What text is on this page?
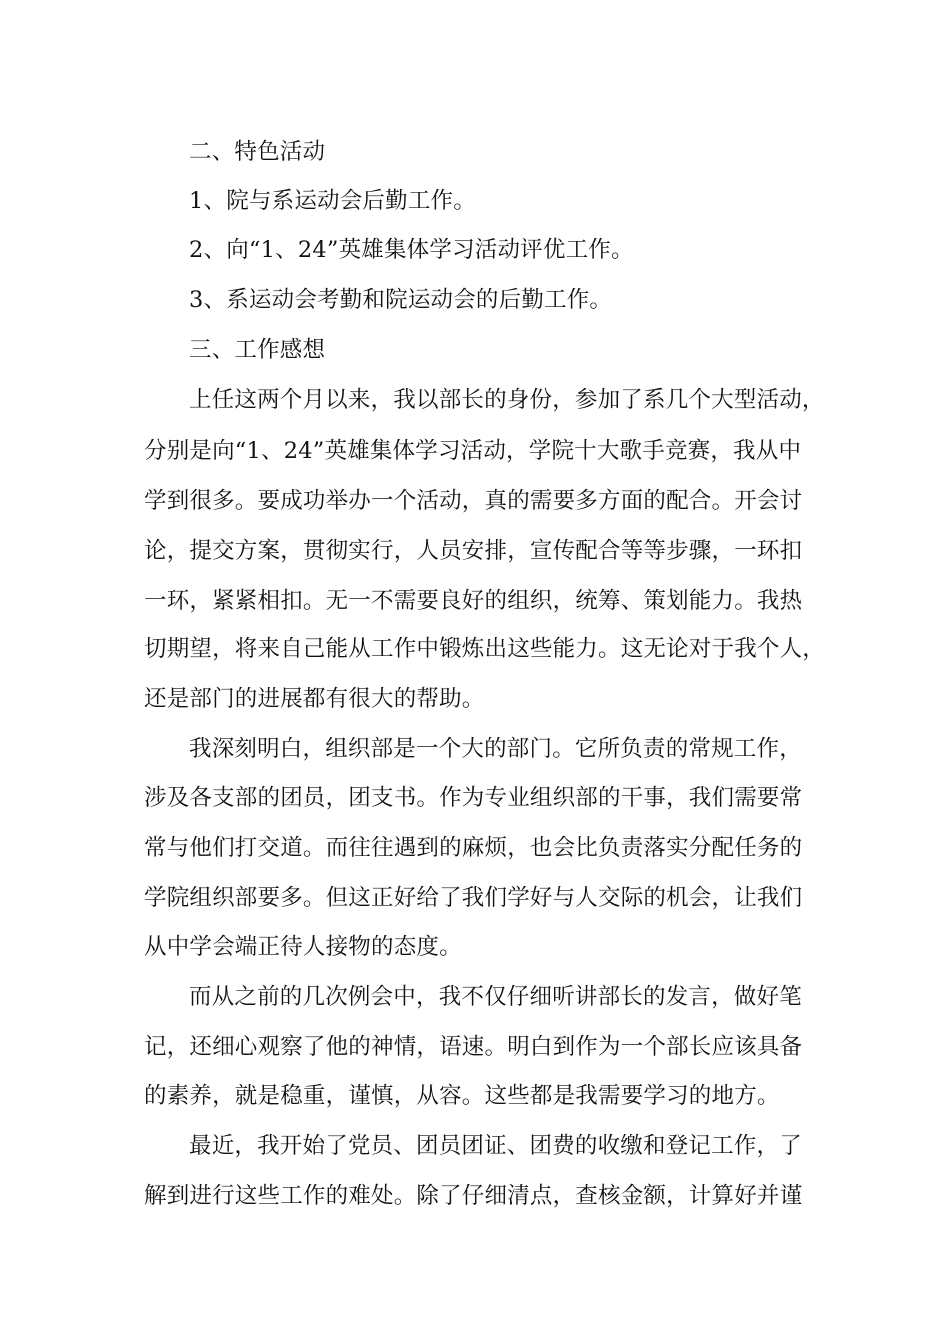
二、特色活动
1、院与系运动会后勤工作。
2、向“1、24”英雄集体学习活动评优工作。
3、系运动会考勤和院运动会的后勤工作。
三、工作感想
上任这两个月以来，我以部长的身份，参加了系几个大型活动，
分别是向“1、24”英雄集体学习活动，学院十大歌手竞赛，我从中
学到很多。要成功举办一个活动，真的需要多方面的配合。开会讨
论，提交方案，贯彻实行，人员安排，宣传配合等等步骤，一环扣
一环，紧紧相扣。无一不需要良好的组织，统筹、策划能力。我热
切期望，将来自己能从工作中锻炼出这些能力。这无论对于我个人，
还是部门的进展都有很大的帮助。
我深刻明白，组织部是一个大的部门。它所负责的常规工作，
涉及各支部的团员，团支书。作为专业组织部的干事，我们需要常
常与他们打交道。而往往遇到的麻烦，也会比负责落实分配任务的
学院组织部要多。但这正好给了我们学好与人交际的机会，让我们
从中学会端正待人接物的态度。
而从之前的几次例会中，我不仅仔细听讲部长的发言，做好笔
记，还细心观察了他的神情，语速。明白到作为一个部长应该具备
的素养，就是稳重，谨慎，从容。这些都是我需要学习的地方。
最近，我开始了党员、团员团证、团费的收缴和登记工作，了
解到进行这些工作的难处。除了仔细清点，查核金额，计算好并谨
